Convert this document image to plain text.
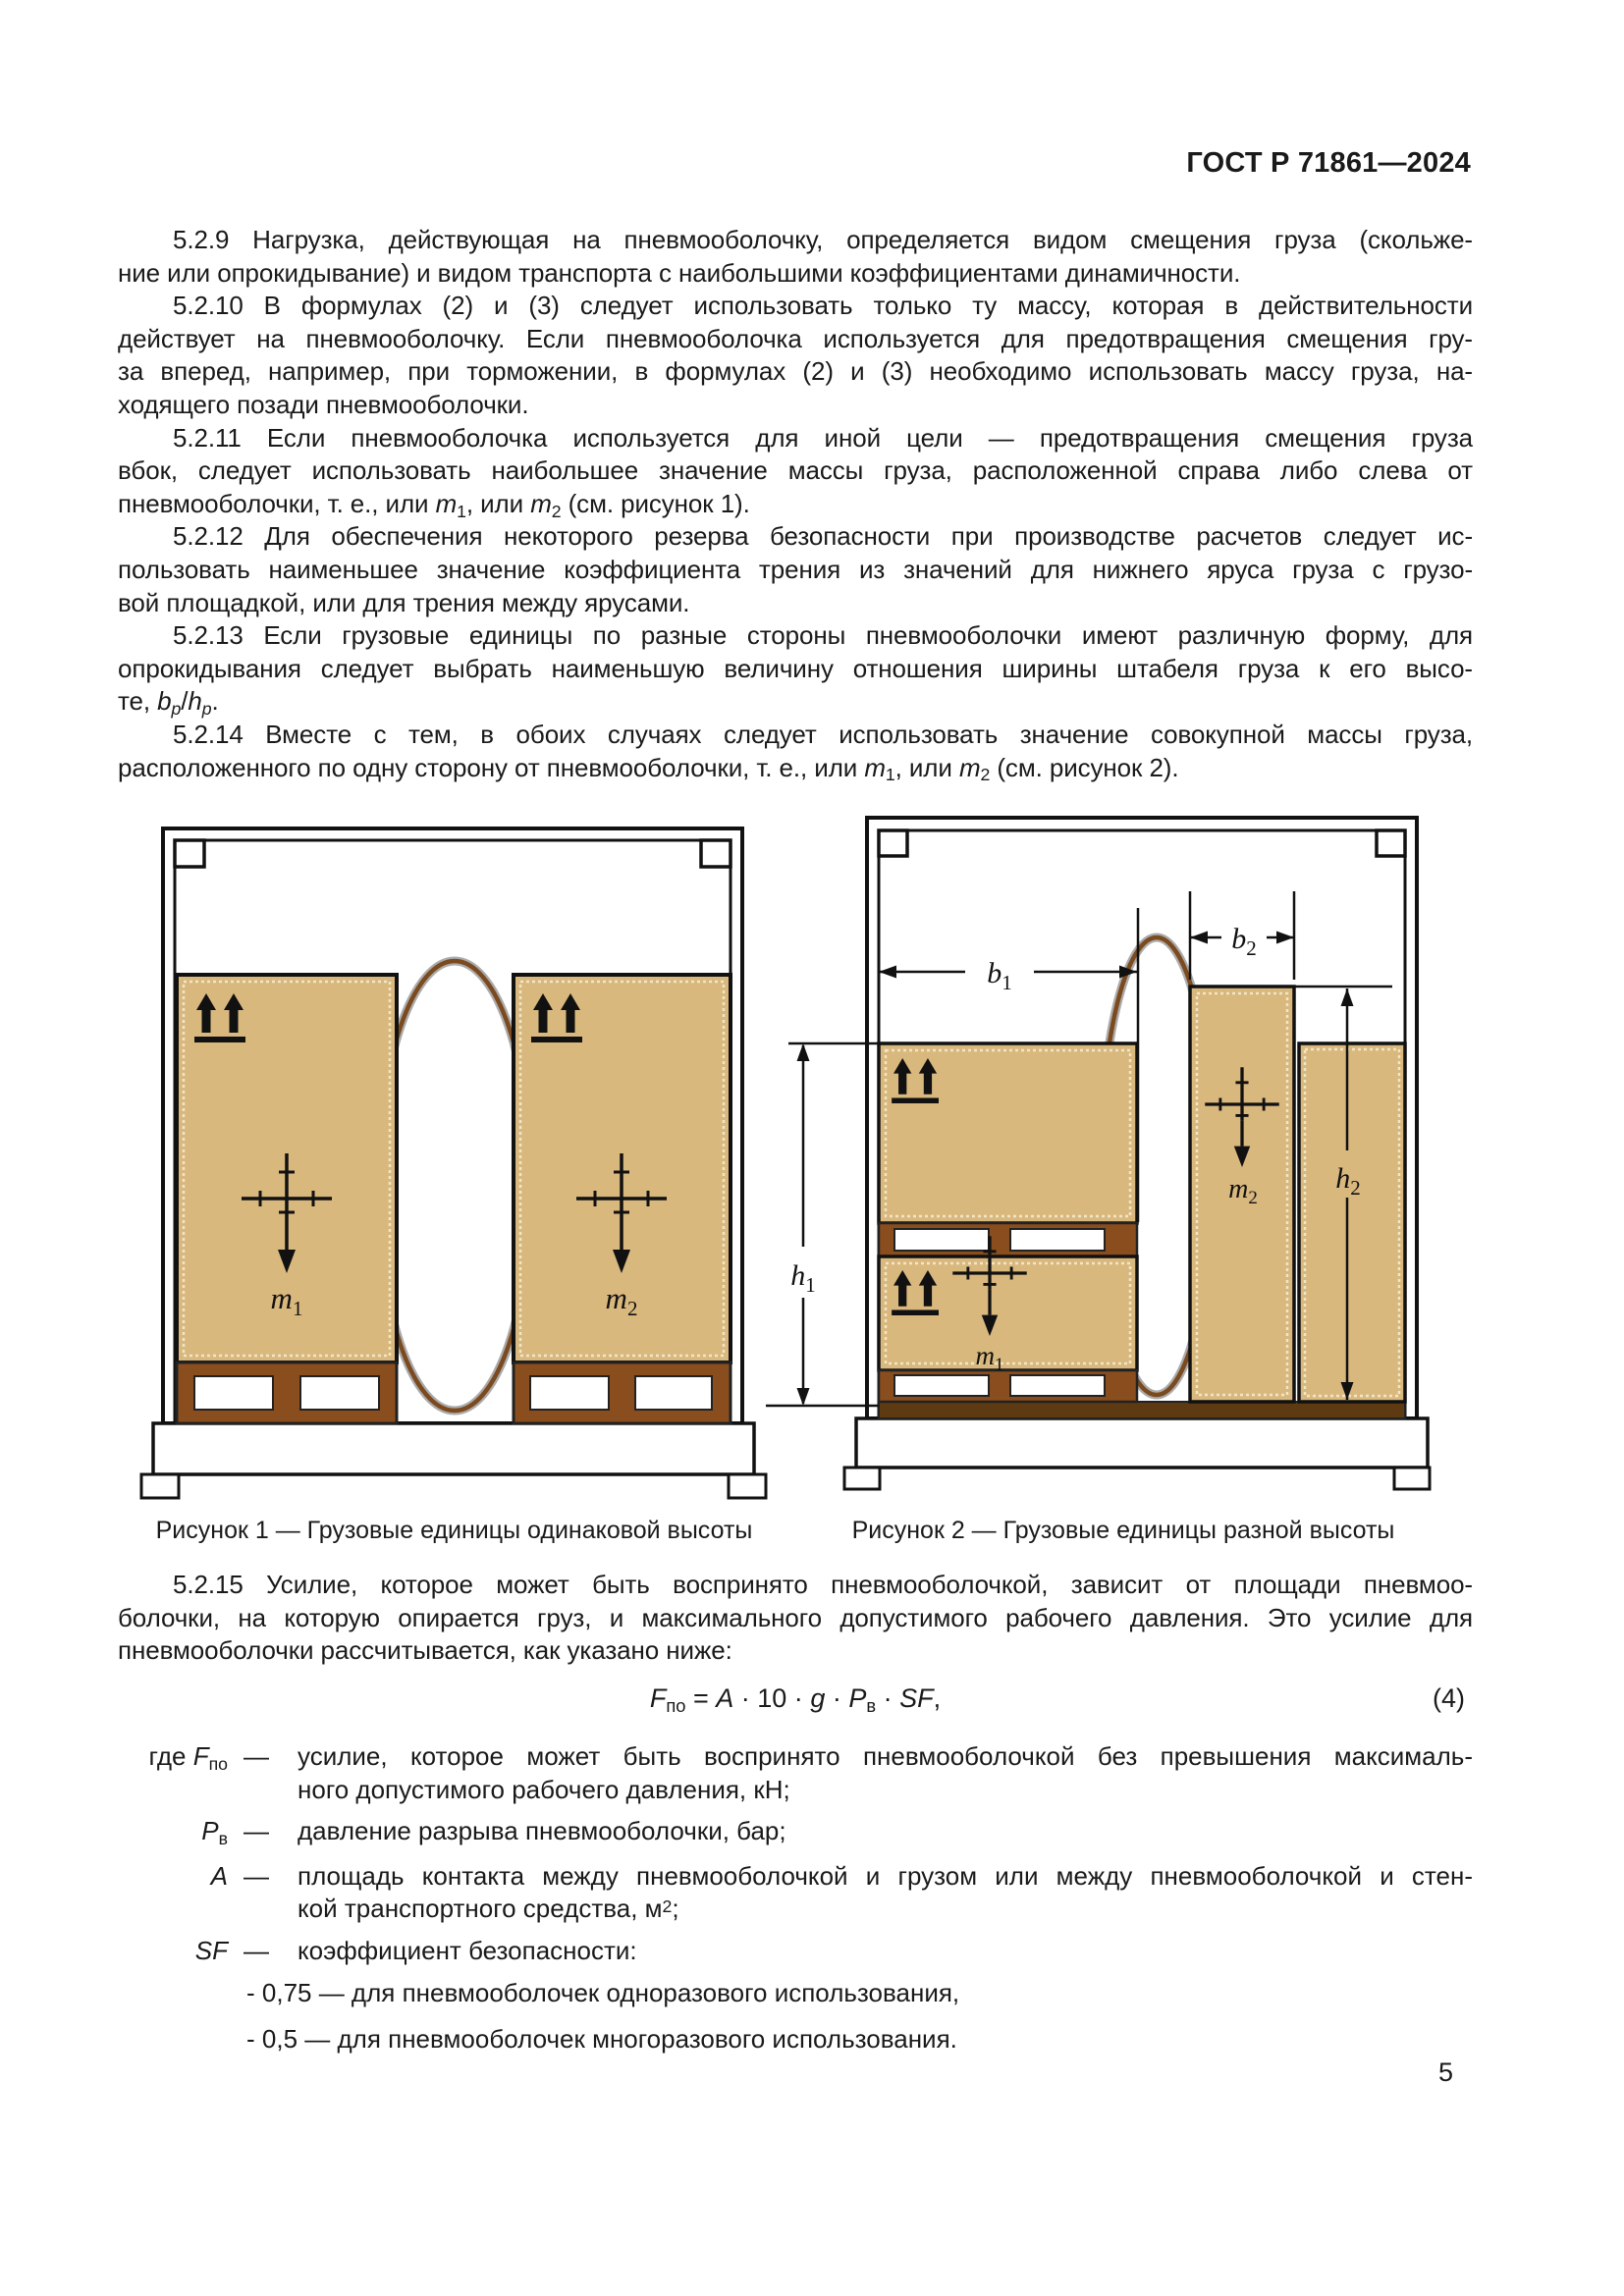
ГОСТ Р 71861—2024
5.2.9 Нагрузка, действующая на пневмооболочку, определяется видом смещения груза (скольже-
ние или опрокидывание) и видом транспорта с наибольшими коэффициентами динамичности.
5.2.10 В формулах (2) и (3) следует использовать только ту массу, которая в действительности
действует на пневмооболочку. Если пневмооболочка используется для предотвращения смещения гру-
за вперед, например, при торможении, в формулах (2) и (3) необходимо использовать массу груза, на-
ходящего позади пневмооболочки.
5.2.11 Если пневмооболочка используется для иной цели — предотвращения смещения груза
вбок, следует использовать наибольшее значение массы груза, расположенной справа либо слева от
пневмооболочки, т. е., или m1, или m2 (см. рисунок 1).
5.2.12 Для обеспечения некоторого резерва безопасности при производстве расчетов следует ис-
пользовать наименьшее значение коэффициента трения из значений для нижнего яруса груза с грузо-
вой площадкой, или для трения между ярусами.
5.2.13 Если грузовые единицы по разные стороны пневмооболочки имеют различную форму, для
опрокидывания следует выбрать наименьшую величину отношения ширины штабеля груза к его высо-
те, bp/hp.
5.2.14 Вместе с тем, в обоих случаях следует использовать значение совокупной массы груза,
расположенного по одну сторону от пневмооболочки, т. е., или m1, или m2 (см. рисунок 2).
$m_1$	$m_2$
$b_1$
$b_2$
$h_2$
$h_1$
$m_1$
$m_2$
Рисунок 1 — Грузовые единицы одинаковой высоты	Рисунок 2 — Грузовые единицы разной высоты
5.2.15 Усилие, которое может быть воспринято пневмооболочкой, зависит от площади пневмоо-
болочки, на которую опирается груз, и максимального допустимого рабочего давления. Это усилие для
пневмооболочки рассчитывается, как указано ниже:
Fпо = A · 10 · g · Pв · SF,	(4)
где Fпо —	усилие, которое может быть воспринято пневмооболочкой без превышения максималь-
ного допустимого рабочего давления, кН;
Pв —	давление разрыва пневмооболочки, бар;
A —	площадь контакта между пневмооболочкой и грузом или между пневмооболочкой и стен-
кой транспортного средства, $м^2$;
SF —	коэффициент безопасности:
- 0,75 — для пневмооболочек одноразового использования,
- 0,5 — для пневмооболочек многоразового использования.
5
